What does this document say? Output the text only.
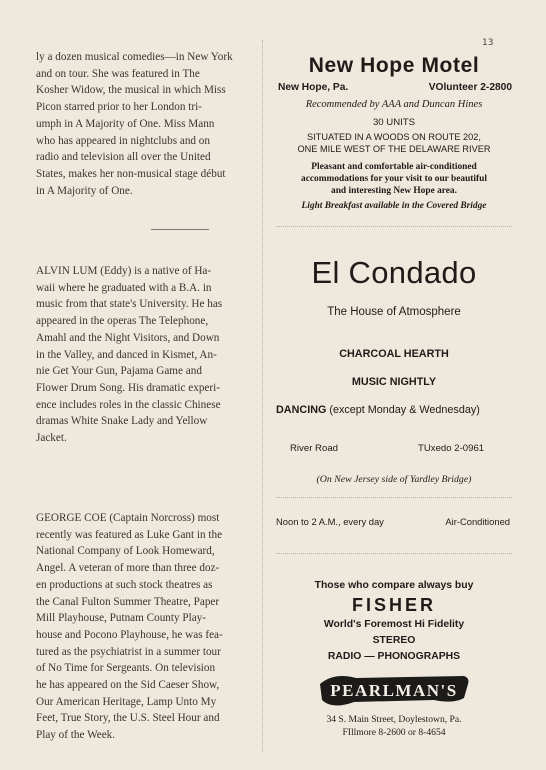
13
ly a dozen musical comedies—in New York
and on tour. She was featured in The
Kosher Widow, the musical in which Miss
Picon starred prior to her London tri-
umph in A Majority of One. Miss Mann
who has appeared in nightclubs and on
radio and television all over the United
States, makes her non-musical stage début
in A Majority of One.
ALVIN LUM (Eddy) is a native of Ha-
waii where he graduated with a B.A. in
music from that state's University. He has
appeared in the operas The Telephone,
Amahl and the Night Visitors, and Down
in the Valley, and danced in Kismet, An-
nie Get Your Gun, Pajama Game and
Flower Drum Song. His dramatic experi-
ence includes roles in the classic Chinese
dramas White Snake Lady and Yellow
Jacket.
GEORGE COE (Captain Norcross) most
recently was featured as Luke Gant in the
National Company of Look Homeward,
Angel. A veteran of more than three doz-
en productions at such stock theatres as
the Canal Fulton Summer Theatre, Paper
Mill Playhouse, Putnam County Play-
house and Pocono Playhouse, he was fea-
tured as the psychiatrist in a summer tour
of No Time for Sergeants. On television
he has appeared on the Sid Caeser Show,
Our American Heritage, Lamp Unto My
Feet, True Story, the U.S. Steel Hour and
Play of the Week.
New Hope Motel
New Hope, Pa.	VOlunteer 2-2800
Recommended by AAA and Duncan Hines
30 UNITS
SITUATED IN A WOODS ON ROUTE 202,
ONE MILE WEST OF THE DELAWARE RIVER
Pleasant and comfortable air-conditioned
accommodations for your visit to our beautiful
and interesting New Hope area.
Light Breakfast available in the Covered Bridge
El Condado
The House of Atmosphere
CHARCOAL HEARTH
MUSIC NIGHTLY
DANCING (except Monday & Wednesday)
River Road	TUxedo 2-0961
(On New Jersey side of Yardley Bridge)
Noon to 2 A.M., every day	Air-Conditioned
Those who compare always buy
FISHER
World's Foremost Hi Fidelity
STEREO
RADIO — PHONOGRAPHS
PEARLMAN'S
34 S. Main Street, Doylestown, Pa.
FIllmore 8-2600 or 8-4654
